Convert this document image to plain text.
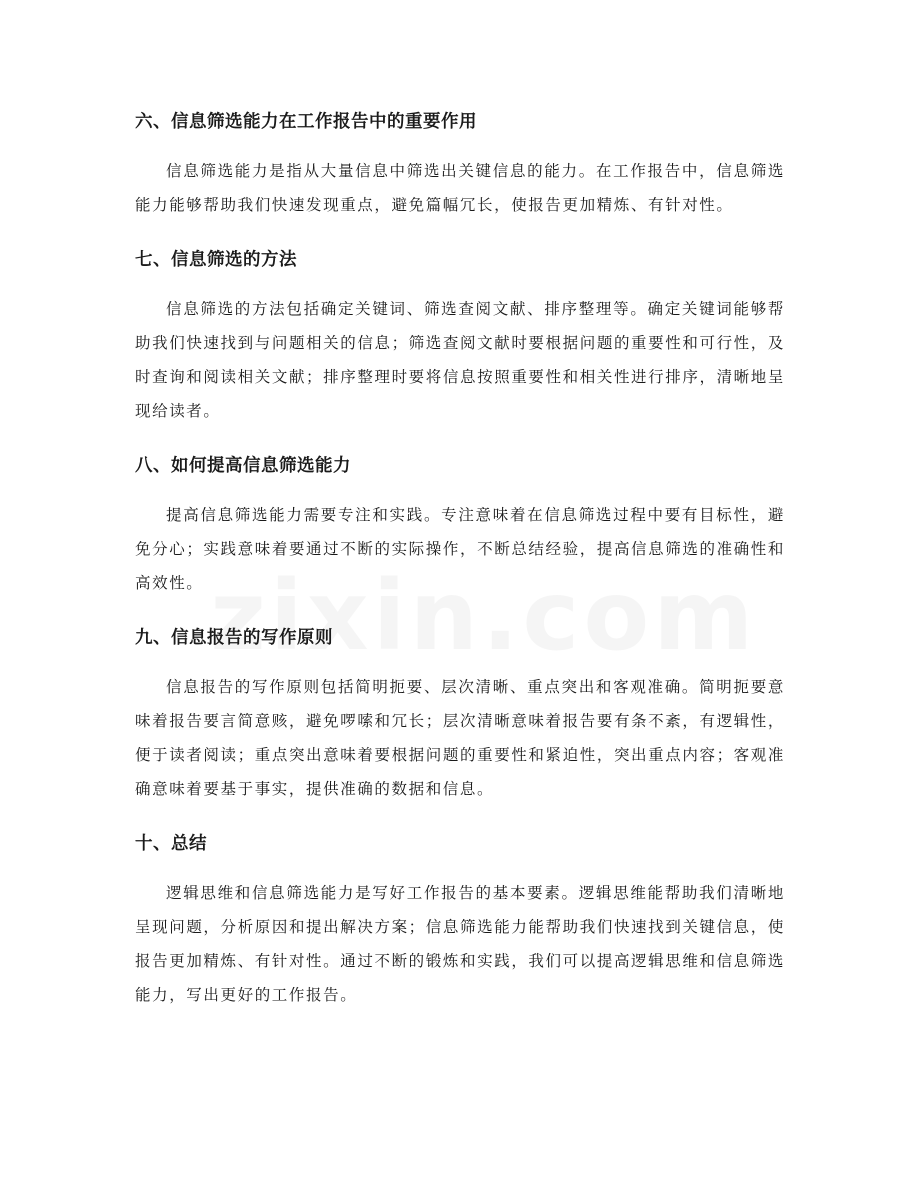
六、信息筛选能力在工作报告中的重要作用

信息筛选能力是指从大量信息中筛选出关键信息的能力。在工作报告中，信息筛选能力能够帮助我们快速发现重点，避免篇幅冗长，使报告更加精炼、有针对性。

七、信息筛选的方法

信息筛选的方法包括确定关键词、筛选查阅文献、排序整理等。确定关键词能够帮助我们快速找到与问题相关的信息；筛选查阅文献时要根据问题的重要性和可行性，及时查询和阅读相关文献；排序整理时要将信息按照重要性和相关性进行排序，清晰地呈现给读者。

八、如何提高信息筛选能力

提高信息筛选能力需要专注和实践。专注意味着在信息筛选过程中要有目标性，避免分心；实践意味着要通过不断的实际操作，不断总结经验，提高信息筛选的准确性和高效性。

九、信息报告的写作原则

信息报告的写作原则包括简明扼要、层次清晰、重点突出和客观准确。简明扼要意味着报告要言简意赅，避免啰嗦和冗长；层次清晰意味着报告要有条不紊，有逻辑性，便于读者阅读；重点突出意味着要根据问题的重要性和紧迫性，突出重点内容；客观准确意味着要基于事实，提供准确的数据和信息。

十、总结

逻辑思维和信息筛选能力是写好工作报告的基本要素。逻辑思维能帮助我们清晰地呈现问题，分析原因和提出解决方案；信息筛选能力能帮助我们快速找到关键信息，使报告更加精炼、有针对性。通过不断的锻炼和实践，我们可以提高逻辑思维和信息筛选能力，写出更好的工作报告。
